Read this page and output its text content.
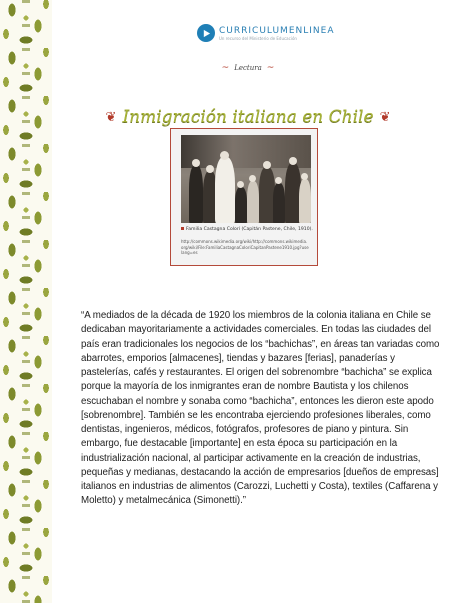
CURRICULUMENLINEA
Un recurso del Ministerio de Educación
~ Lectura ~
❦ Inmigración italiana en Chile ❦
Familia Castagna Colorí (Capitán Pastene, Chile, 1910).
http://commons.wikimedia.org/wiki/http://commons.wikimedia.org/wiki/File:FamiliaCastagnaColoriCapitanPastene1910.jpg?uselang=es

“A mediados de la década de 1920 los miembros de la colonia italiana en Chile se dedicaban mayoritariamente a actividades comerciales. En todas las ciudades del país eran tradicionales los negocios de los “bachichas”, en áreas tan variadas como abarrotes, emporios [almacenes], tiendas y bazares [ferias], panaderías y pastelerías, cafés y restaurantes. El origen del sobrenombre “bachicha” se explica porque la mayoría de los inmigrantes eran de nombre Bautista y los chilenos escuchaban el nombre y sonaba como “bachicha”, entonces les dieron este apodo [sobrenombre]. También se les encontraba ejerciendo profesiones liberales, como dentistas, ingenieros, médicos, fotógrafos, profesores de piano y pintura. Sin embargo, fue destacable [importante] en esta época su participación en la industrialización nacional, al participar activamente en la creación de industrias, pequeñas y medianas, destacando la acción de empresarios [dueños de empresas] italianos en industrias de alimentos (Carozzi, Luchetti y Costa), textiles (Caffarena y Moletto) y metalmecánica (Simonetti).”
